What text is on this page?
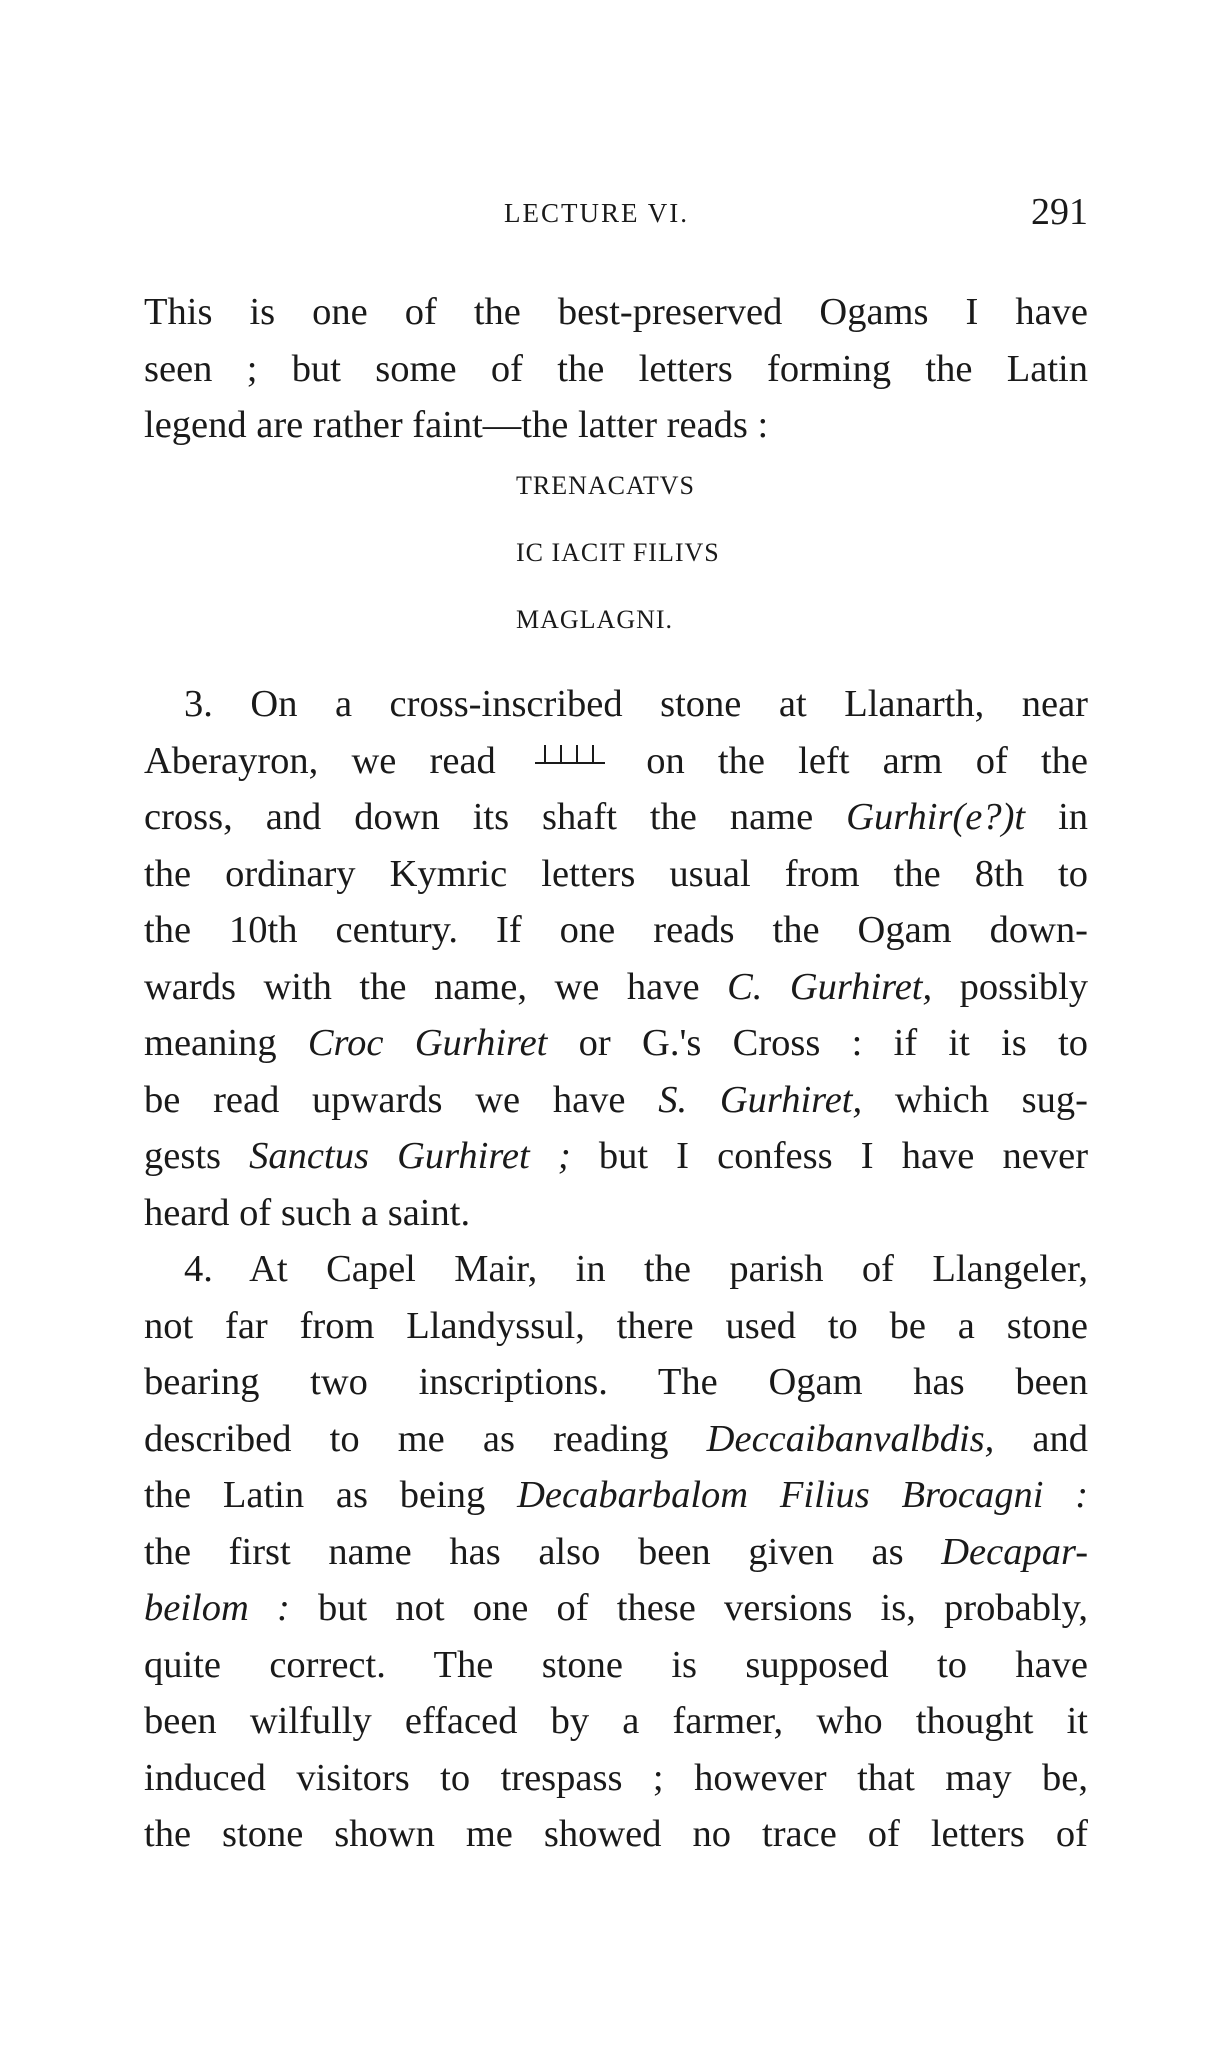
LECTURE VI.	291
This is one of the best-preserved Ogams I have
seen ; but some of the letters forming the Latin
legend are rather faint—the latter reads :
TRENACATVS
IC IACIT FILIVS
MAGLAGNI.
3. On a cross-inscribed stone at Llanarth, near
Aberayron, we read	on the left arm of the
cross, and down its shaft the name Gurhir(e?)t in
the ordinary Kymric letters usual from the 8th to
the 10th century. If one reads the Ogam down-
wards with the name, we have C. Gurhiret, possibly
meaning Croc Gurhiret or G.'s Cross : if it is to
be read upwards we have S. Gurhiret, which sug-
gests Sanctus Gurhiret ; but I confess I have never
heard of such a saint.
4. At Capel Mair, in the parish of Llangeler,
not far from Llandyssul, there used to be a stone
bearing two inscriptions. The Ogam has been
described to me as reading Deccaibanvalbdis, and
the Latin as being Decabarbalom Filius Brocagni :
the first name has also been given as Decapar-
beilom : but not one of these versions is, probably,
quite correct. The stone is supposed to have
been wilfully effaced by a farmer, who thought it
induced visitors to trespass ; however that may be,
the stone shown me showed no trace of letters of
